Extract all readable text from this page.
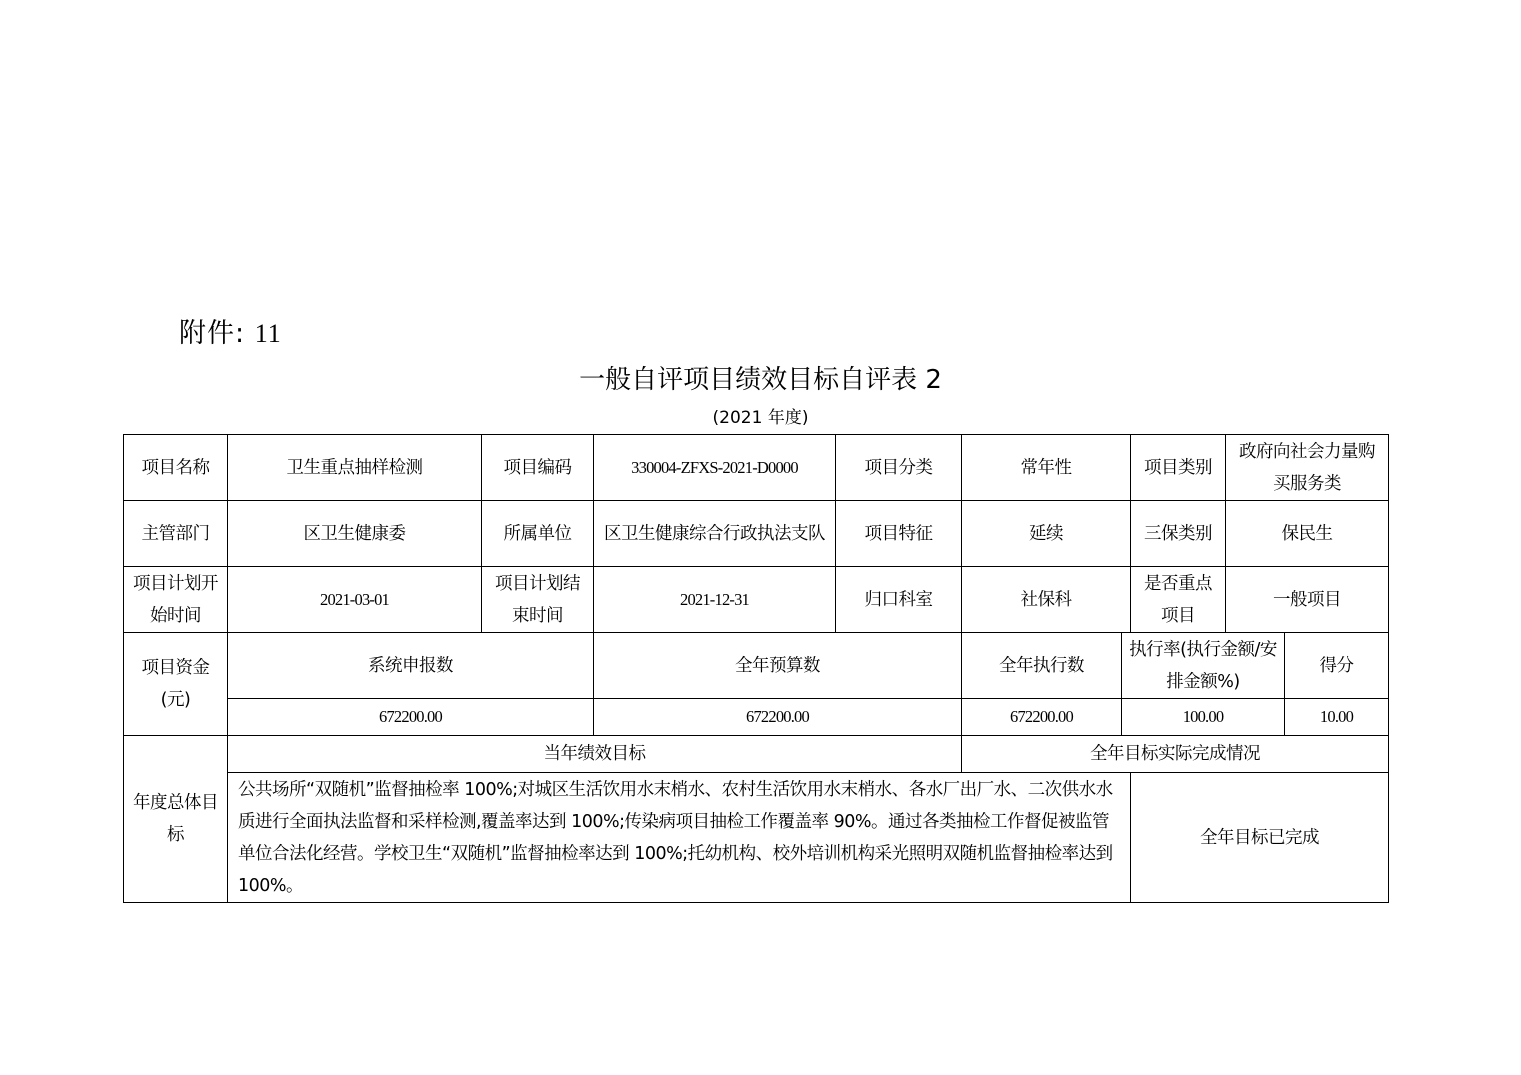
附件: 11
一般自评项目绩效目标自评表 2
(2021 年度)
项目名称	卫生重点抽样检测	项目编码	330004-ZFXS-2021-D0000	项目分类	常年性		项目类别	政府向社会力量购买服务类	
主管部门	区卫生健康委	所属单位	区卫生健康综合行政执法支队	项目特征	延续		三保类别	保民生	
项目计划开始时间	2021-03-01	项目计划结束时间	2021-12-31	归口科室	社保科		是否重点项目	一般项目	
项目资金(元)	系统申报数		全年预算数		全年执行数	执行率(执行金额/安排金额%)			得分
	672200.00		672200.00		672200.00	100.00			10.00
年度总体目标	当年绩效目标				全年目标实际完成情况				
	公共场所“双随机”监督抽检率 100%;对城区生活饮用水末梢水、农村生活饮用水末梢水、各水厂出厂水、二次供水水质进行全面执法监督和采样检测,覆盖率达到 100%;传染病项目抽检工作覆盖率 90%。通过各类抽检工作督促被监管单位合法化经营。学校卫生“双随机”监督抽检率达到 100%;托幼机构、校外培训机构采光照明双随机监督抽检率达到 100%。						全年目标已完成		
